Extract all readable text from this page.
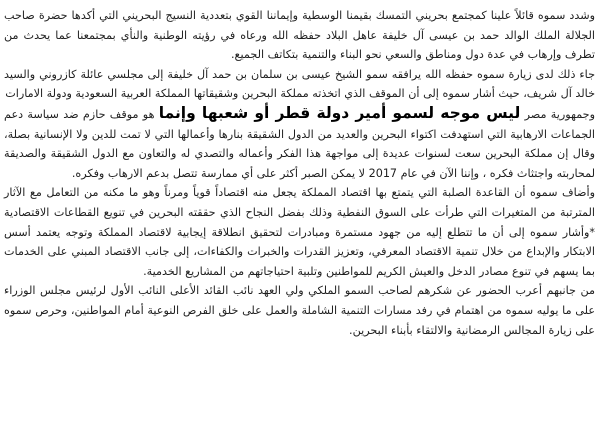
وشدد سموه قائلاً علينا كمجتمع بحريني التمسك بقيمنا الوسطية وإيماننا القوي بتعددية النسيج البحريني التي أكدها حضرة صاحب الجلالة الملك الوالد حمد بن عيسى آل خليفة عاهل البلاد حفظه الله ورعاه في رؤيته الوطنية والنأي بمجتمعنا عما يحدث من تطرف وإرهاب في عدة دول ومناطق والسعي نحو البناء والتنمية بتكاتف الجميع.

جاء ذلك لدى زيارة سموه حفظه الله يرافقه سمو الشيخ عيسى بن سلمان بن حمد آل خليفة إلى مجلسي عائلة كازروني والسيد خالد آل شريف، حيث أشار سموه إلى أن الموقف الذي اتخذته مملكة البحرين وشقيقاتها المملكة العربية السعودية ودولة الامارات

وجمهورية مصر ليس موجه لسمو أمير دولة قطر أو شعبها وإنما هو موقف حازم ضد سياسة دعم الجماعات الارهابية التي استهدفت اكتواء البحرين والعديد من الدول الشقيقة بنارها وأعمالها التي لا تمت للدين ولا الإنسانية بصلة، وقال إن مملكة البحرين سعت لسنوات عديدة إلى مواجهة هذا الفكر وأعماله والتصدي له والتعاون مع الدول الشقيقة والصديقة لمحاربته واجتثاث فكره ، وإننا الآن في عام 2017 لا يمكن الصبر أكثر على أي ممارسة تتصل بدعم الارهاب وفكره.

وأضاف سموه أن القاعدة الصلبة التي يتمتع بها اقتصاد المملكة يجعل منه اقتصاداً قوياً ومرناً وهو ما مكنه من التعامل مع الآثار المترتبة من المتغيرات التي طرأت على السوق النفطية وذلك بفضل النجاح الذي حققته البحرين في تنويع القطاعات الاقتصادية *وأشار سموه إلى أن ما تتطلع إليه من جهود مستمرة ومبادرات لتحقيق انطلاقة إيجابية لاقتصاد المملكة وتوجه يعتمد أسس الابتكار والإبداع من خلال تنمية الاقتصاد المعرفي، وتعزيز القدرات والخبرات والكفاءات، إلى جانب الاقتصاد المبني على الخدمات بما يسهم في تنوع مصادر الدخل والعيش الكريم للمواطنين وتلبية احتياجاتهم من المشاريع الخدمية.

من جانبهم أعرب الحضور عن شكرهم لصاحب السمو الملكي ولي العهد نائب القائد الأعلى النائب الأول لرئيس مجلس الوزراء على ما يوليه سموه من اهتمام في رفد مسارات التنمية الشاملة والعمل على خلق الفرص النوعية أمام المواطنين، وحرص سموه على زيارة المجالس الرمضانية والالتقاء بأبناء البحرين.
